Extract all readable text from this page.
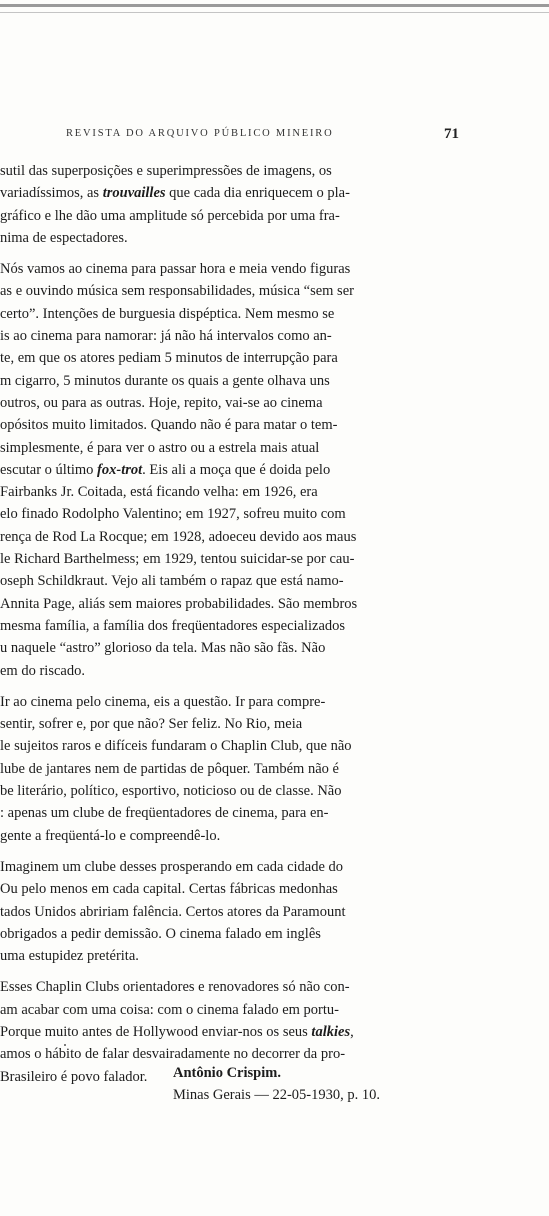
REVISTA DO ARQUIVO PÚBLICO MINEIRO	71
sutil das superposições e superimpressões de imagens, os
variadíssimos, as trouvailles que cada dia enriquecem o pla-
gráfico e lhe dão uma amplitude só percebida por uma fra-
nima de espectadores.
Nós vamos ao cinema para passar hora e meia vendo figuras
as e ouvindo música sem responsabilidades, música “sem ser
certo”. Intenções de burguesia dispéptica. Nem mesmo se
is ao cinema para namorar: já não há intervalos como an-
te, em que os atores pediam 5 minutos de interrupção para
m cigarro, 5 minutos durante os quais a gente olhava uns
outros, ou para as outras. Hoje, repito, vai-se ao cinema
opósitos muito limitados. Quando não é para matar o tem-
simplesmente, é para ver o astro ou a estrela mais atual
escutar o último fox-trot. Eis ali a moça que é doida pelo
Fairbanks Jr. Coitada, está ficando velha: em 1926, era
elo finado Rodolpho Valentino; em 1927, sofreu muito com
rença de Rod La Rocque; em 1928, adoeceu devido aos maus
le Richard Barthelmess; em 1929, tentou suicidar-se por cau-
oseph Schildkraut. Vejo ali também o rapaz que está namo-
Annita Page, aliás sem maiores probabilidades. São membros
mesma família, a família dos freqüentadores especializados
u naquele “astro” glorioso da tela. Mas não são fãs. Não
em do riscado.
Ir ao cinema pelo cinema, eis a questão. Ir para compre-
sentir, sofrer e, por que não? Ser feliz. No Rio, meia
le sujeitos raros e difíceis fundaram o Chaplin Club, que não
lube de jantares nem de partidas de pôquer. Também não é
be literário, político, esportivo, noticioso ou de classe. Não
: apenas um clube de freqüentadores de cinema, para en-
gente a freqüentá-lo e compreendê-lo.
Imaginem um clube desses prosperando em cada cidade do
Ou pelo menos em cada capital. Certas fábricas medonhas
tados Unidos abririam falência. Certos atores da Paramount
obrigados a pedir demissão. O cinema falado em inglês
uma estupidez pretérita.
Esses Chaplin Clubs orientadores e renovadores só não con-
am acabar com uma coisa: com o cinema falado em portu-
Porque muito antes de Hollywood enviar-nos os seus talkies,
amos o hábito de falar desvairadamente no decorrer da pro-
Brasileiro é povo falador.	Antônio Crispim.
Minas Gerais — 22-05-1930, p. 10.
